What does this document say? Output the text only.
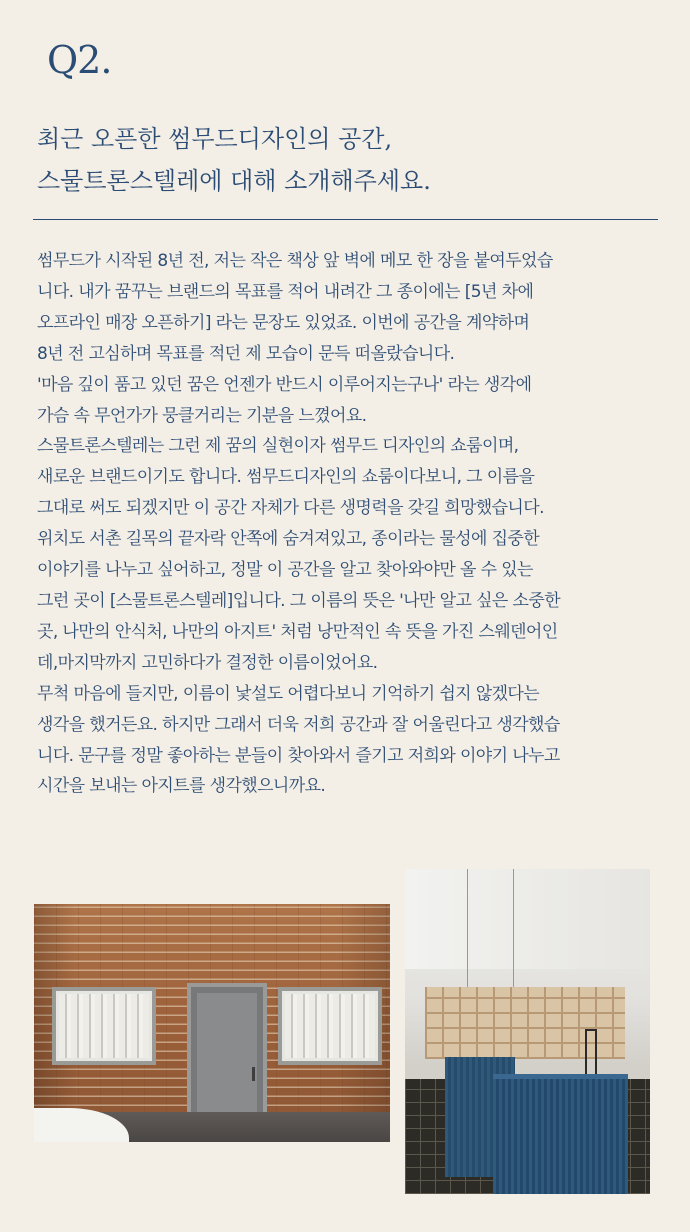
Q2.
최근 오픈한 썸무드디자인의 공간,
스물트론스텔레에 대해 소개해주세요.
썸무드가 시작된 8년 전, 저는 작은 책상 앞 벽에 메모 한 장을 붙여두었습
니다. 내가 꿈꾸는 브랜드의 목표를 적어 내려간 그 종이에는 [5년 차에
오프라인 매장 오픈하기] 라는 문장도 있었죠. 이번에 공간을 계약하며
8년 전 고심하며 목표를 적던 제 모습이 문득 떠올랐습니다.
'마음 깊이 품고 있던 꿈은 언젠가 반드시 이루어지는구나' 라는 생각에
가슴 속 무언가가 뭉클거리는 기분을 느꼈어요.
스물트론스텔레는 그런 제 꿈의 실현이자 썸무드 디자인의 쇼룸이며,
새로운 브랜드이기도 합니다. 썸무드디자인의 쇼룸이다보니, 그 이름을
그대로 써도 되겠지만 이 공간 자체가 다른 생명력을 갖길 희망했습니다.
위치도 서촌 길목의 끝자락 안쪽에 숨겨져있고, 종이라는 물성에 집중한
이야기를 나누고 싶어하고, 정말 이 공간을 알고 찾아와야만 올 수 있는
그런 곳이 [스물트론스텔레]입니다. 그 이름의 뜻은 '나만 알고 싶은 소중한
곳, 나만의 안식처, 나만의 아지트' 처럼 낭만적인 속 뜻을 가진 스웨덴어인
데,마지막까지 고민하다가 결정한 이름이었어요.
무척 마음에 들지만, 이름이 낯설도 어렵다보니 기억하기 쉽지 않겠다는
생각을 했거든요. 하지만 그래서 더욱 저희 공간과 잘 어울린다고 생각했습
니다. 문구를 정말 좋아하는 분들이 찾아와서 즐기고 저희와 이야기 나누고
시간을 보내는 아지트를 생각했으니까요.
